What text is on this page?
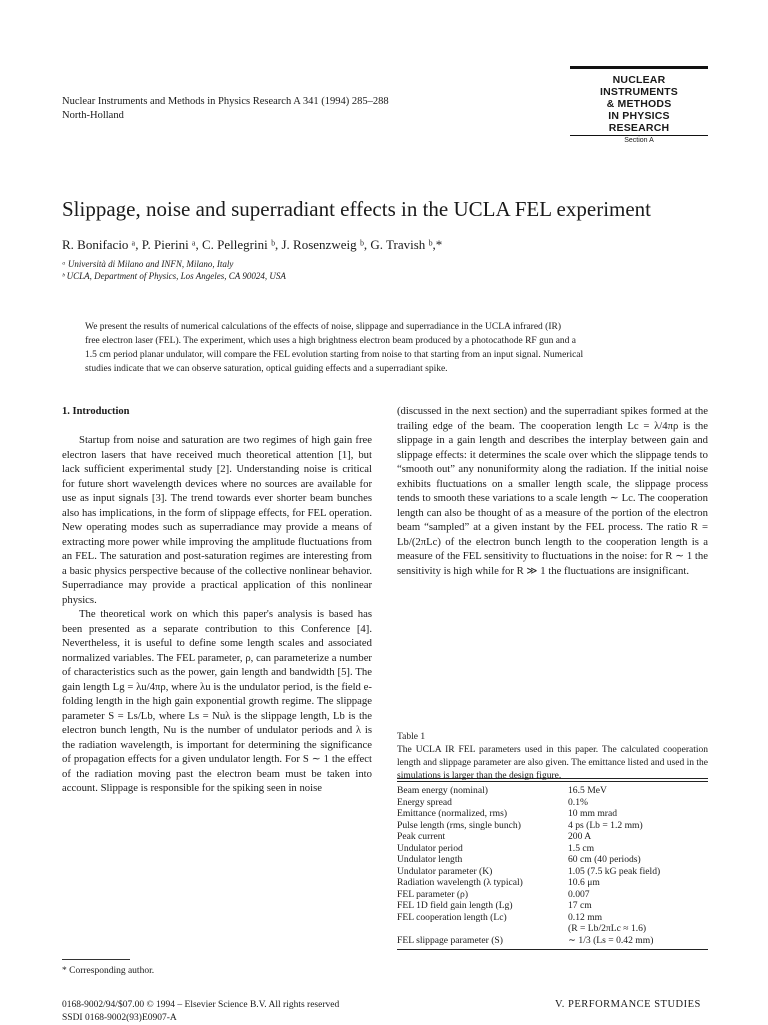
Nuclear Instruments and Methods in Physics Research A 341 (1994) 285–288
North-Holland
NUCLEAR
INSTRUMENTS
& METHODS
IN PHYSICS
RESEARCH
Section A
Slippage, noise and superradiant effects in the UCLA FEL experiment
R. Bonifacio ᵃ, P. Pierini ᵃ, C. Pellegrini ᵇ, J. Rosenzweig ᵇ, G. Travish ᵇ,*
ᵃ Università di Milano and INFN, Milano, Italy
ᵇ UCLA, Department of Physics, Los Angeles, CA 90024, USA
We present the results of numerical calculations of the effects of noise, slippage and superradiance in the UCLA infrared (IR)
free electron laser (FEL). The experiment, which uses a high brightness electron beam produced by a photocathode RF gun and a
1.5 cm period planar undulator, will compare the FEL evolution starting from noise to that starting from an input signal. Numerical
studies indicate that we can observe saturation, optical guiding effects and a superradiant spike.
1. Introduction

Startup from noise and saturation are two regimes of high gain free electron lasers that have received much theoretical attention [1], but lack sufficient experimental study [2]. Understanding noise is critical for future short wavelength devices where no sources are available for use as input signals [3]. The trend towards ever shorter beam bunches also has implications, in the form of slippage effects, for FEL operation. New operating modes such as superradiance may provide a means of extracting more power while improving the amplitude fluctuations from an FEL. The saturation and post-saturation regimes are interesting from a basic physics perspective because of the collective nonlinear behavior. Superradiance may provide a practical application of this nonlinear physics.

The theoretical work on which this paper's analysis is based has been presented as a separate contribution to this Conference [4]. Nevertheless, it is useful to define some length scales and associated normalized variables. The FEL parameter, ρ, can parameterize a number of characteristics such as the power, gain length and bandwidth [5]. The gain length Lg = λu/4πρ, where λu is the undulator period, is the field e-folding length in the high gain exponential growth regime. The slippage parameter S = Ls/Lb, where Ls = Nuλ is the slippage length, Lb is the electron bunch length, Nu is the number of undulator periods and λ is the radiation wavelength, is important for determining the significance of propagation effects for a given undulator length. For S ∼ 1 the effect of the radiation moving past the electron beam must be taken into account. Slippage is responsible for the spiking seen in noise

* Corresponding author.

(discussed in the next section) and the superradiant spikes formed at the trailing edge of the beam. The cooperation length Lc = λ/4πρ is the slippage in a gain length and describes the interplay between gain and slippage effects: it determines the scale over which the slippage tends to “smooth out” any nonuniformity along the radiation. If the initial noise exhibits fluctuations on a smaller length scale, the slippage process tends to smooth these variations to a scale length ∼ Lc. The cooperation length can also be thought of as a measure of the portion of the electron beam “sampled” at a given instant by the FEL process. The ratio R = Lb/(2πLc) of the electron bunch length to the cooperation length is a measure of the FEL sensitivity to fluctuations in the noise: for R ∼ 1 the sensitivity is high while for R ≫ 1 the fluctuations are insignificant.

Table 1
The UCLA IR FEL parameters used in this paper. The calculated cooperation length and slippage parameter are also given. The emittance listed and used in the simulations is larger than the design figure.
Beam energy (nominal)	16.5 MeV
Energy spread	0.1%
Emittance (normalized, rms)	10 mm mrad
Pulse length (rms, single bunch)	4 ps (Lb = 1.2 mm)
Peak current	200 A
Undulator period	1.5 cm
Undulator length	60 cm (40 periods)
Undulator parameter (K)	1.05 (7.5 kG peak field)
Radiation wavelength (λ typical)	10.6 μm
FEL parameter (ρ)	0.007
FEL 1D field gain length (Lg)	17 cm
FEL cooperation length (Lc)	0.12 mm
(R = Lb/2πLc ≈ 1.6)
FEL slippage parameter (S)	∼ 1/3 (Ls = 0.42 mm)
0168-9002/94/$07.00 © 1994 – Elsevier Science B.V. All rights reserved
SSDI 0168-9002(93)E0907-A
V. PERFORMANCE STUDIES
